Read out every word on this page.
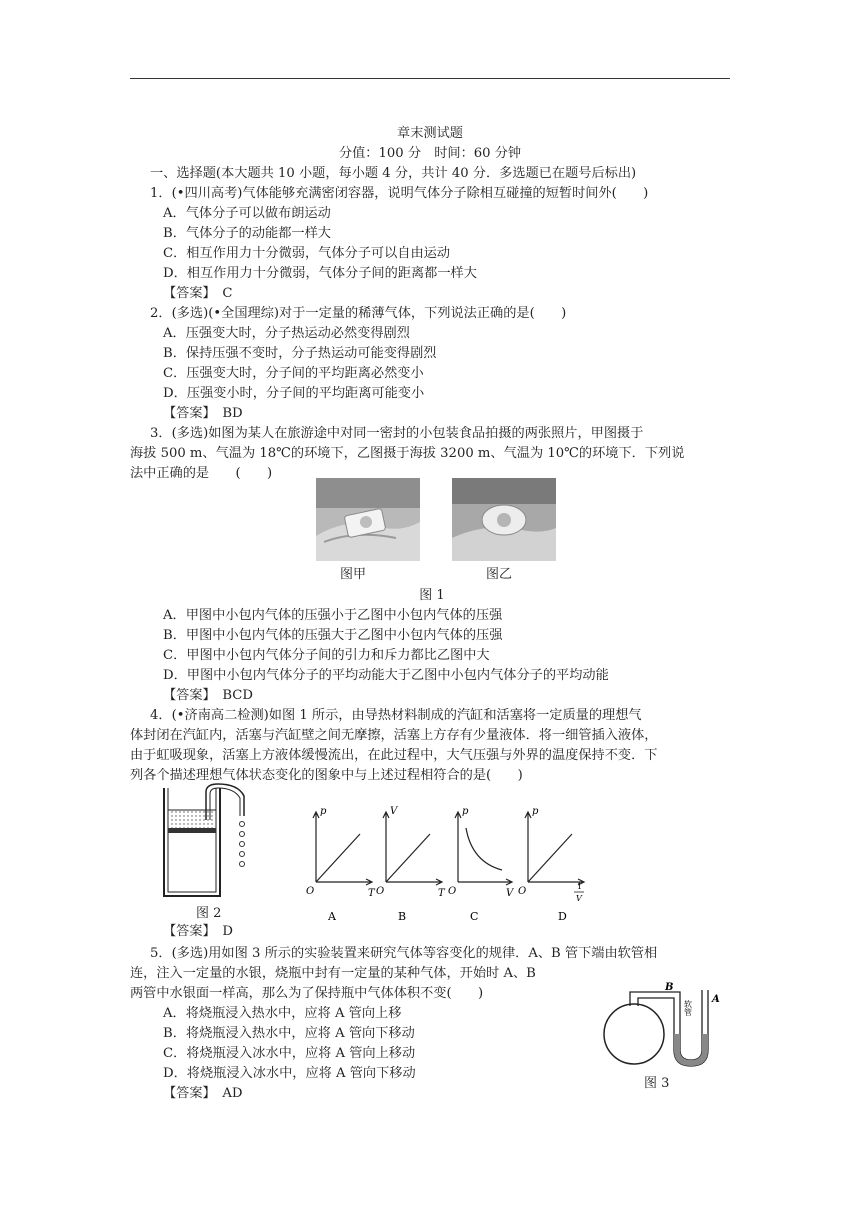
章末测试题
分值：100 分　时间：60 分钟
一、选择题(本大题共 10 小题，每小题 4 分，共计 40 分．多选题已在题号后标出)
1．(•四川高考)气体能够充满密闭容器，说明气体分子除相互碰撞的短暂时间外(　　)
A．气体分子可以做布朗运动
B．气体分子的动能都一样大
C．相互作用力十分微弱，气体分子可以自由运动
D．相互作用力十分微弱，气体分子间的距离都一样大
【答案】　C
2．(多选)(•全国理综)对于一定量的稀薄气体，下列说法正确的是(　　)
A．压强变大时，分子热运动必然变得剧烈
B．保持压强不变时，分子热运动可能变得剧烈
C．压强变大时，分子间的平均距离必然变小
D．压强变小时，分子间的平均距离可能变小
【答案】　BD
3．(多选)如图为某人在旅游途中对同一密封的小包装食品拍摄的两张照片，甲图摄于
海拔 500 m、气温为 18℃的环境下，乙图摄于海拔 3200 m、气温为 10℃的环境下．下列说
法中正确的是　　(　　)
图甲	图乙
图 1
A．甲图中小包内气体的压强小于乙图中小包内气体的压强
B．甲图中小包内气体的压强大于乙图中小包内气体的压强
C．甲图中小包内气体分子间的引力和斥力都比乙图中大
D．甲图中小包内气体分子的平均动能大于乙图中小包内气体分子的平均动能
【答案】　BCD
4．(•济南高二检测)如图 1 所示，由导热材料制成的汽缸和活塞将一定质量的理想气
体封闭在汽缸内，活塞与汽缸壁之间无摩擦，活塞上方存有少量液体．将一细管插入液体，
由于虹吸现象，活塞上方液体缓慢流出，在此过程中，大气压强与外界的温度保持不变．下
列各个描述理想气体状态变化的图象中与上述过程相符合的是(　　)
图 2
p
T
O
A
V
T
O
B
p
V
O
C
p
1
V
O
D
【答案】　D
5．(多选)用如图 3 所示的实验装置来研究气体等容变化的规律．A、B 管下端由软管相
连，注入一定量的水银，烧瓶中封有一定量的某种气体，开始时 A、B
两管中水银面一样高，那么为了保持瓶中气体体积不变(　　)
A．将烧瓶浸入热水中，应将 A 管向上移
B．将烧瓶浸入热水中，应将 A 管向下移动
C．将烧瓶浸入冰水中，应将 A 管向上移动
D．将烧瓶浸入冰水中，应将 A 管向下移动
【答案】　AD
B
A
软管
图 3
